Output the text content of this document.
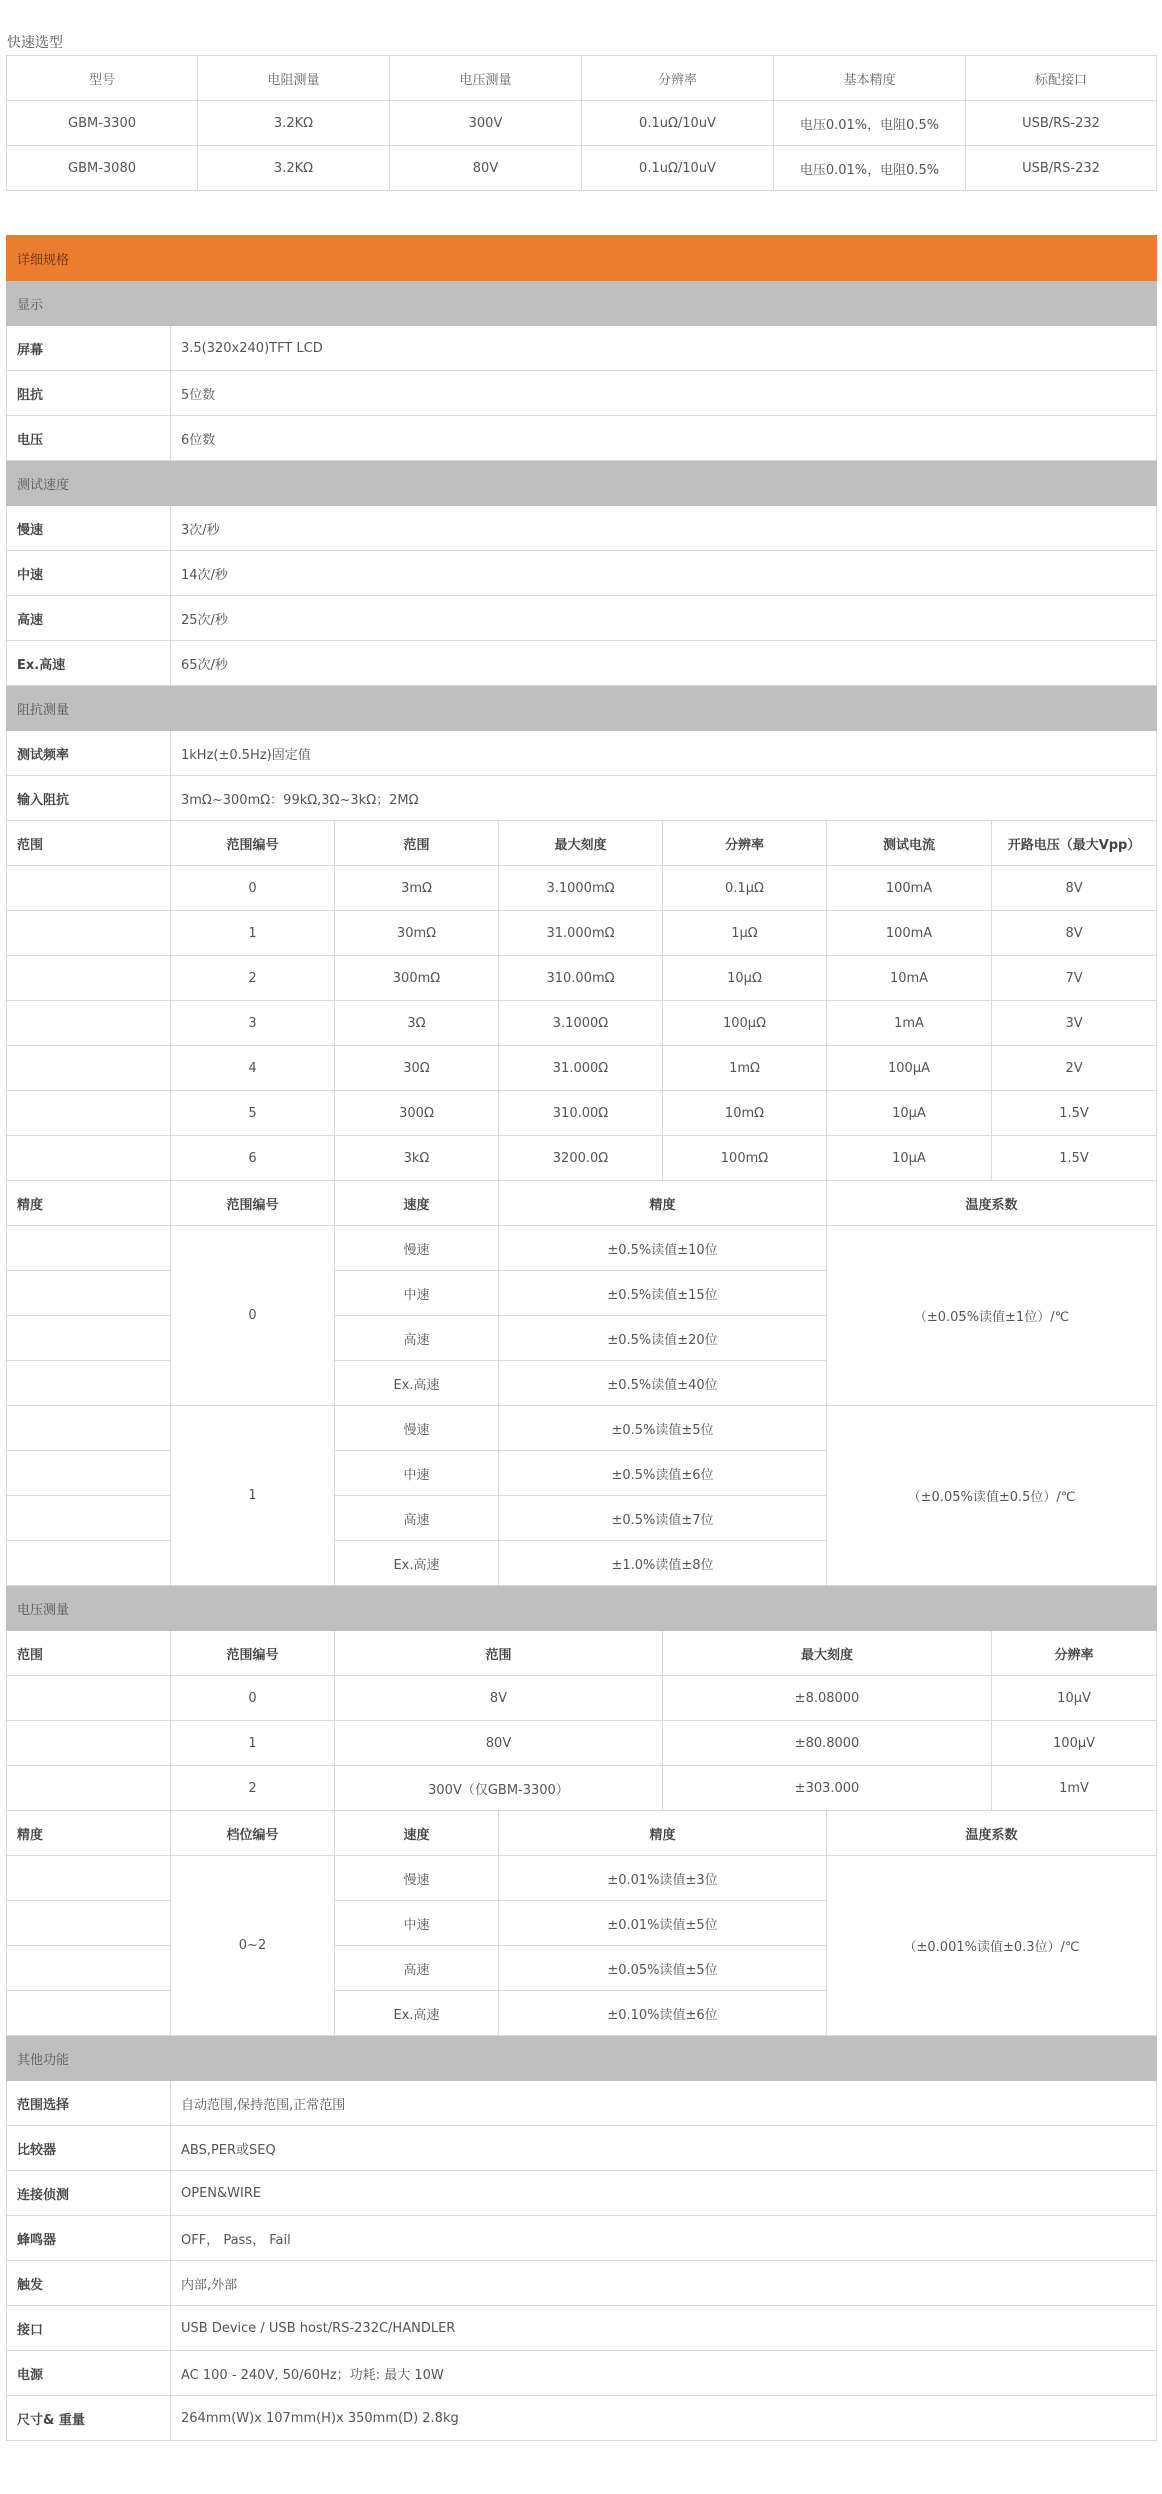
快速选型
型号	电阻测量	电压测量	分辨率	基本精度	标配接口
GBM-3300	3.2KΩ	300V	0.1uΩ/10uV	电压0.01%，电阻0.5%	USB/RS-232
GBM-3080	3.2KΩ	80V	0.1uΩ/10uV	电压0.01%，电阻0.5%	USB/RS-232
详细规格						
显示						
屏幕	3.5(320x240)TFT LCD					
阻抗	5位数					
电压	6位数					
测试速度						
慢速	3次/秒					
中速	14次/秒					
高速	25次/秒					
Ex.高速	65次/秒					
阻抗测量						
测试频率	1kHz(±0.5Hz)固定值					
输入阻抗	3mΩ~300mΩ：99kΩ,3Ω~3kΩ；2MΩ					
范围	范围编号	范围	最大刻度	分辨率	测试电流	开路电压（最大Vpp）
	0	3mΩ	3.1000mΩ	0.1μΩ	100mA	8V
	1	30mΩ	31.000mΩ	1μΩ	100mA	8V
	2	300mΩ	310.00mΩ	10μΩ	10mA	7V
	3	3Ω	3.1000Ω	100μΩ	1mA	3V
	4	30Ω	31.000Ω	1mΩ	100μA	2V
	5	300Ω	310.00Ω	10mΩ	10μA	1.5V
	6	3kΩ	3200.0Ω	100mΩ	10μA	1.5V
精度	范围编号	速度	精度		温度系数	
	0	慢速	±0.5%读值±10位		（±0.05%读值±1位）/℃	
		中速	±0.5%读值±15位			
		高速	±0.5%读值±20位			
		Ex.高速	±0.5%读值±40位			
	1	慢速	±0.5%读值±5位		（±0.05%读值±0.5位）/℃	
		中速	±0.5%读值±6位			
		高速	±0.5%读值±7位			
		Ex.高速	±1.0%读值±8位			
电压测量						
范围	范围编号	范围		最大刻度		分辨率
	0	8V		±8.08000		10μV
	1	80V		±80.8000		100μV
	2	300V（仅GBM-3300）		±303.000		1mV
精度	档位编号	速度	精度		温度系数	
	0~2	慢速	±0.01%读值±3位		（±0.001%读值±0.3位）/℃	
		中速	±0.01%读值±5位			
		高速	±0.05%读值±5位			
		Ex.高速	±0.10%读值±6位			
其他功能						
范围选择	自动范围,保持范围,正常范围					
比较器	ABS,PER或SEQ					
连接侦测	OPEN&WIRE					
蜂鸣器	OFF， Pass， Fail					
触发	内部,外部					
接口	USB Device / USB host/RS-232C/HANDLER					
电源	AC 100 - 240V, 50/60Hz；功耗: 最大 10W					
尺寸& 重量	264mm(W)x 107mm(H)x 350mm(D) 2.8kg					
